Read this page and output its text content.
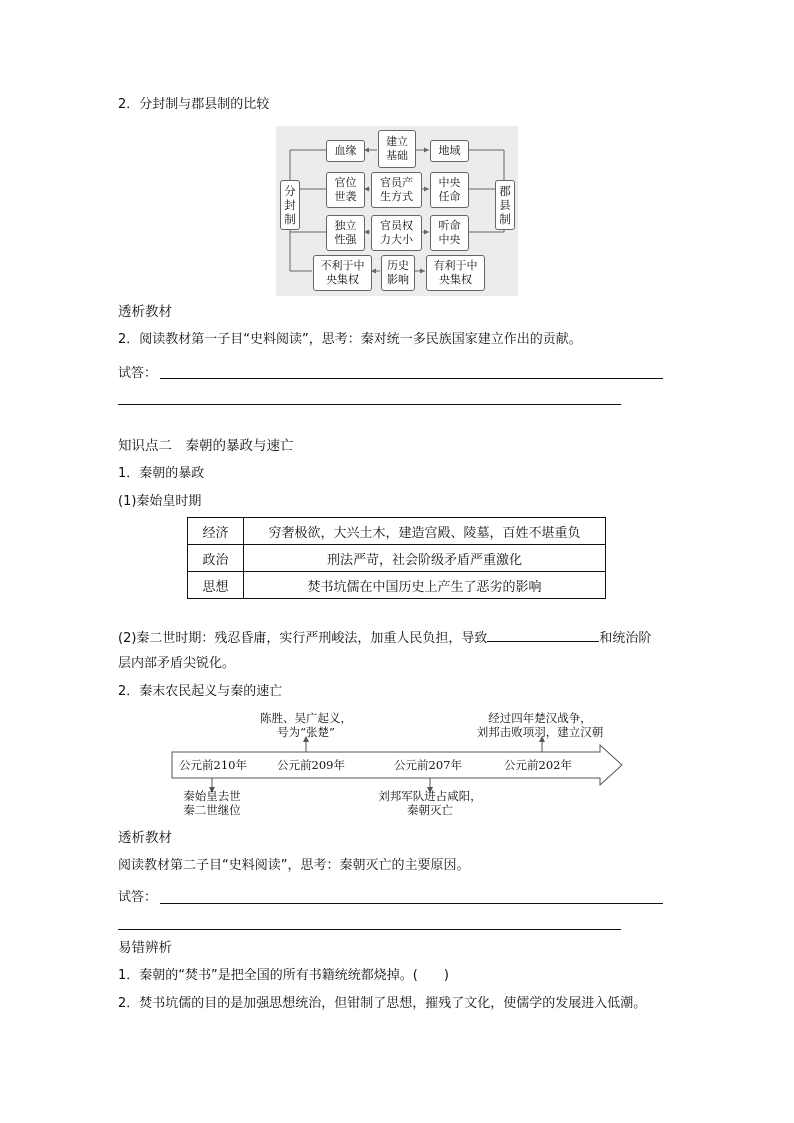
2．分封制与郡县制的比较
分
封
制
郡
县
制
血缘
建立
基础	地域
官位
世袭
官员产
生方式
中央
任命
独立
性强
官员权
力大小
听命
中央
不利于中
央集权
历史
影响
有利于中
央集权
透析教材
2．阅读教材第一子目“史料阅读”，思考：秦对统一多民族国家建立作出的贡献。
试答：
知识点二　秦朝的暴政与速亡
1．秦朝的暴政
(1)秦始皇时期
经济	穷奢极欲，大兴土木，建造宫殿、陵墓，百姓不堪重负
政治	刑法严苛，社会阶级矛盾严重激化
思想	焚书坑儒在中国历史上产生了恶劣的影响
(2)秦二世时期：残忍昏庸，实行严刑峻法，加重人民负担，导致	和统治阶
层内部矛盾尖锐化。
2．秦末农民起义与秦的速亡
公元前210年	公元前209年	公元前207年	公元前202年
陈胜、吴广起义，
号为“张楚”
经过四年楚汉战争，
刘邦击败项羽，建立汉朝
秦始皇去世
秦二世继位
刘邦军队进占咸阳，
秦朝灭亡
透析教材
阅读教材第二子目“史料阅读”，思考：秦朝灭亡的主要原因。
试答：
易错辨析
1．秦朝的“焚书”是把全国的所有书籍统统都烧掉。(　　)
2．焚书坑儒的目的是加强思想统治，但钳制了思想，摧残了文化，使儒学的发展进入低潮。
